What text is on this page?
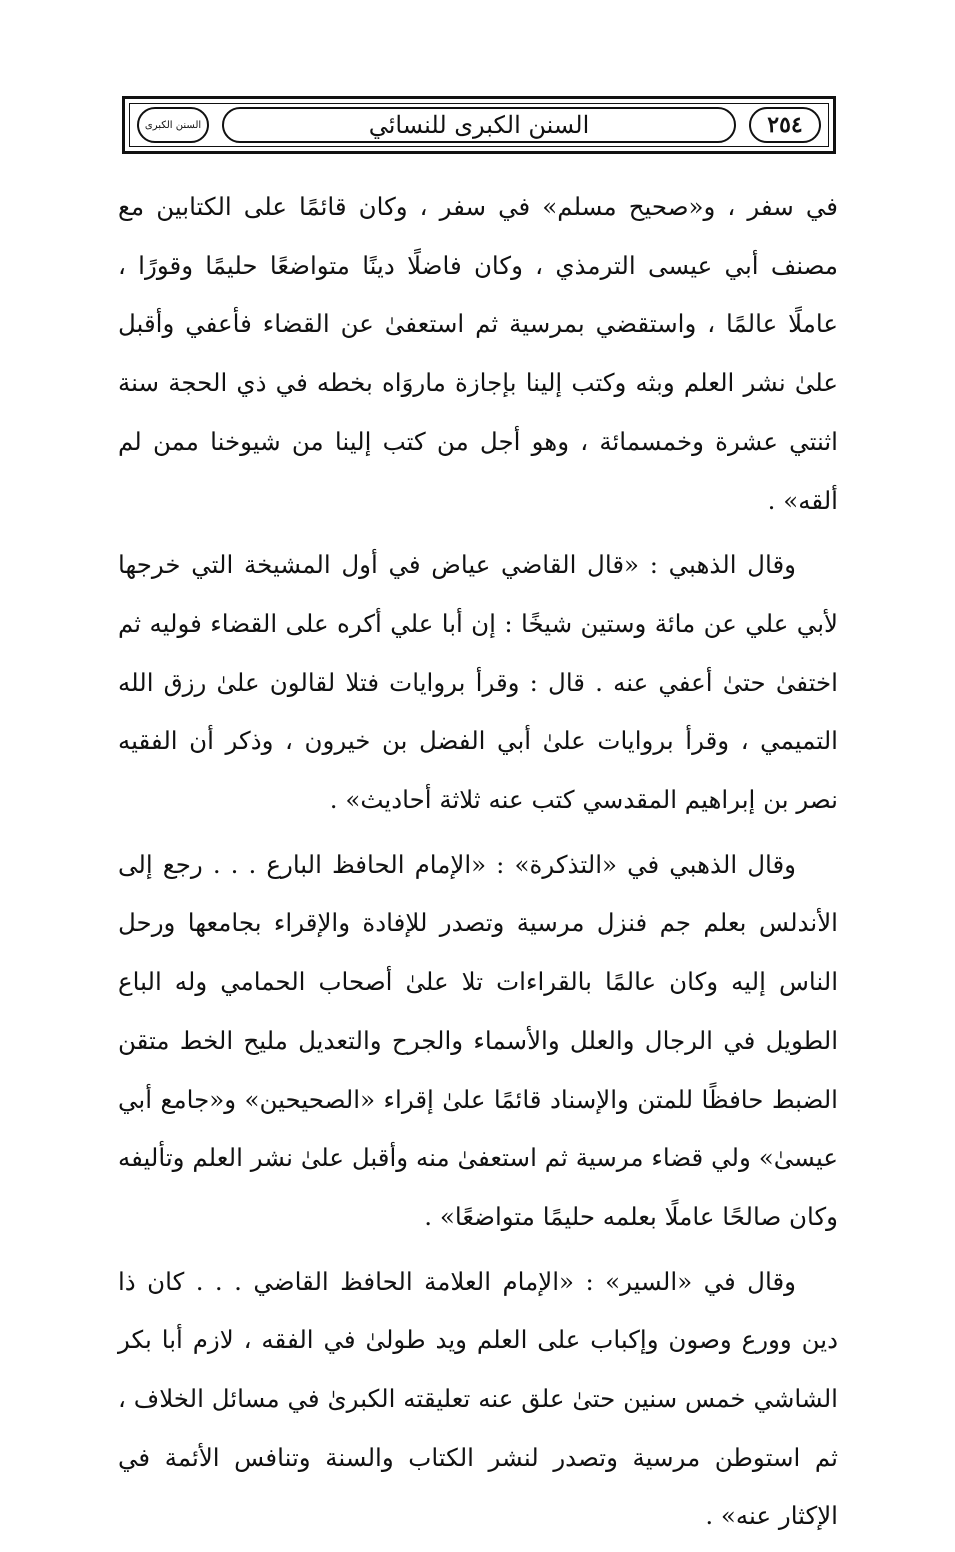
السنن الكبرى	السنن الكبرى للنسائي	٢٥٤

في سفر ، و«صحيح مسلم» في سفر ، وكان قائمًا على الكتابين مع مصنف أبي عيسى الترمذي ، وكان فاضلًا دينًا متواضعًا حليمًا وقورًا ، عاملًا عالمًا ، واستقضي بمرسية ثم استعفىٰ عن القضاء فأعفي وأقبل علىٰ نشر العلم وبثه وكتب إلينا بإجازة ماروَاه بخطه في ذي الحجة سنة اثنتي عشرة وخمسمائة ، وهو أجل من كتب إلينا من شيوخنا ممن لم ألقه» .

وقال الذهبي : «قال القاضي عياض في أول المشيخة التي خرجها لأبي علي عن مائة وستين شيخًا : إن أبا علي أكره على القضاء فوليه ثم اختفىٰ حتىٰ أعفي عنه . قال : وقرأ بروايات فتلا لقالون علىٰ رزق الله التميمي ، وقرأ بروايات علىٰ أبي الفضل بن خيرون ، وذكر أن الفقيه نصر بن إبراهيم المقدسي كتب عنه ثلاثة أحاديث» .

وقال الذهبي في «التذكرة» : «الإمام الحافظ البارع . . . رجع إلى الأندلس بعلم جم فنزل مرسية وتصدر للإفادة والإقراء بجامعها ورحل الناس إليه وكان عالمًا بالقراءات تلا علىٰ أصحاب الحمامي وله الباع الطويل في الرجال والعلل والأسماء والجرح والتعديل مليح الخط متقن الضبط حافظًا للمتن والإسناد قائمًا علىٰ إقراء «الصحيحين» و«جامع أبي عيسىٰ» ولي قضاء مرسية ثم استعفىٰ منه وأقبل علىٰ نشر العلم وتأليفه وكان صالحًا عاملًا بعلمه حليمًا متواضعًا» .

وقال في «السير» : «الإمام العلامة الحافظ القاضي . . . كان ذا دين وورع وصون وإكباب على العلم ويد طولىٰ في الفقه ، لازم أبا بكر الشاشي خمس سنين حتىٰ علق عنه تعليقته الكبرىٰ في مسائل الخلاف ، ثم استوطن مرسية وتصدر لنشر الكتاب والسنة وتنافس الأئمة في الإكثار عنه» .
